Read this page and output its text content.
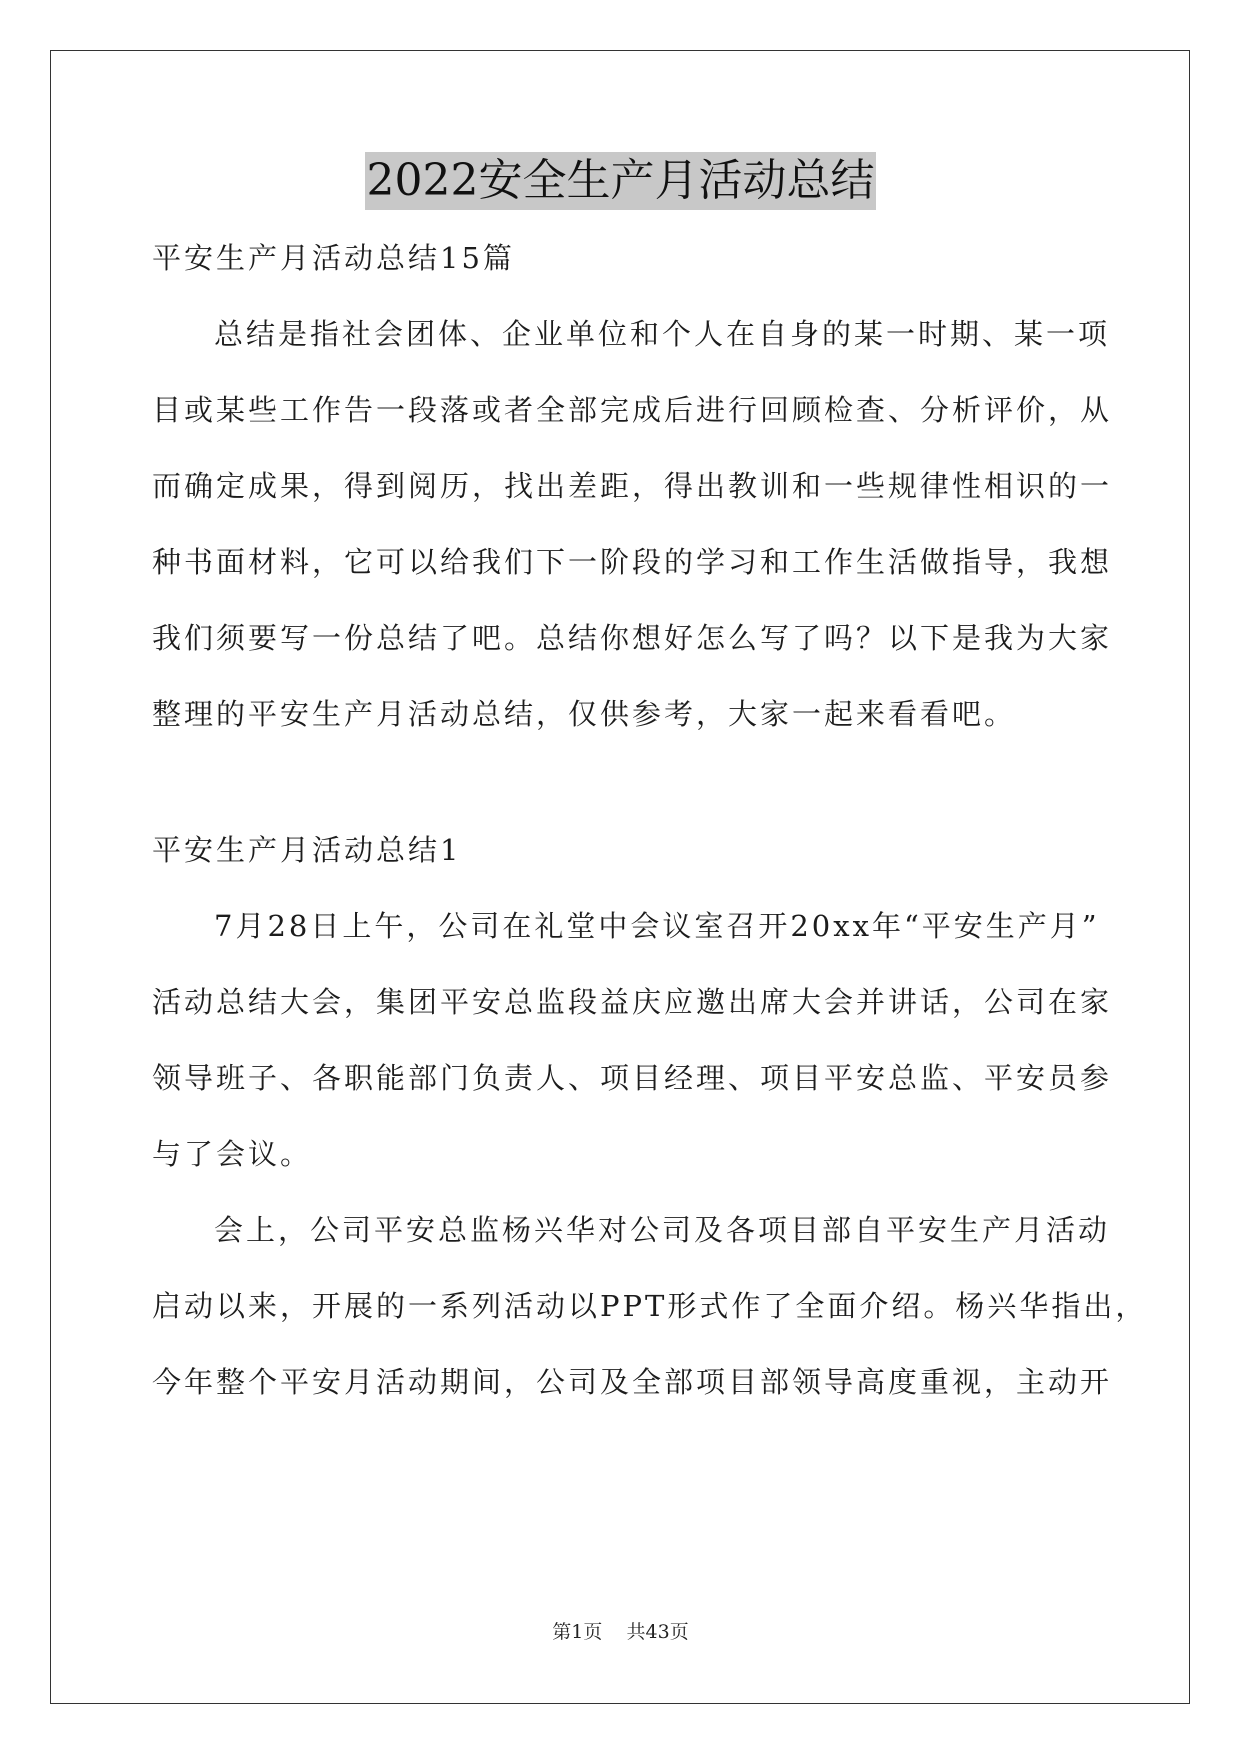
2022安全生产月活动总结
平安生产月活动总结15篇
总结是指社会团体、企业单位和个人在自身的某一时期、某一项
目或某些工作告一段落或者全部完成后进行回顾检查、分析评价，从
而确定成果，得到阅历，找出差距，得出教训和一些规律性相识的一
种书面材料，它可以给我们下一阶段的学习和工作生活做指导，我想
我们须要写一份总结了吧。总结你想好怎么写了吗？以下是我为大家
整理的平安生产月活动总结，仅供参考，大家一起来看看吧。
平安生产月活动总结1
7月28日上午，公司在礼堂中会议室召开20xx年“平安生产月”
活动总结大会，集团平安总监段益庆应邀出席大会并讲话，公司在家
领导班子、各职能部门负责人、项目经理、项目平安总监、平安员参
与了会议。
会上，公司平安总监杨兴华对公司及各项目部自平安生产月活动
启动以来，开展的一系列活动以PPT形式作了全面介绍。杨兴华指出，
今年整个平安月活动期间，公司及全部项目部领导高度重视，主动开
第1页 共43页
